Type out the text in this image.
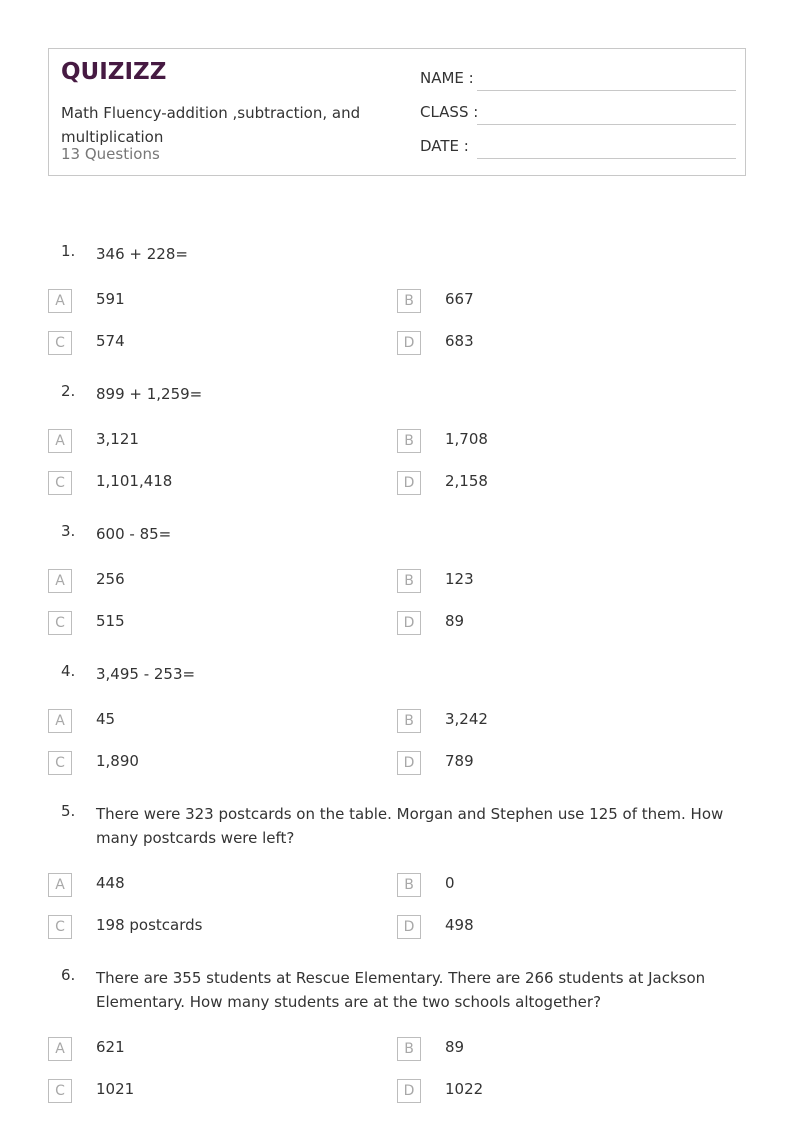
QUIZIZZ
Math Fluency-addition ,subtraction, and multiplication
13 Questions
NAME :
CLASS :
DATE :
1. 346 + 228=
A	591	B	667
C	574	D	683
2. 899 + 1,259=
A	3,121	B	1,708
C	1,101,418	D	2,158
3. 600 - 85=
A	256	B	123
C	515	D	89
4. 3,495 - 253=
A	45	B	3,242
C	1,890	D	789
5. There were 323 postcards on the table. Morgan and Stephen use 125 of them. How many postcards were left?
A	448	B	0
C	198 postcards	D	498
6. There are 355 students at Rescue Elementary. There are 266 students at Jackson Elementary. How many students are at the two schools altogether?
A	621	B	89
C	1021	D	1022
